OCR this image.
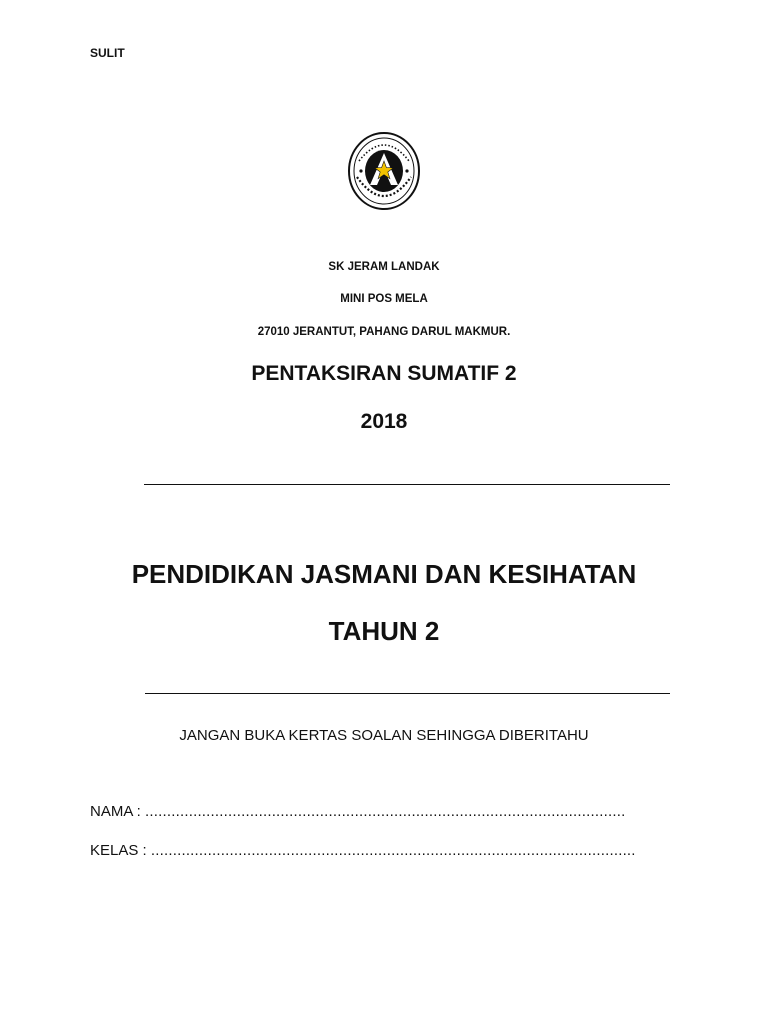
SULIT
SK JERAM LANDAK
MINI POS MELA
27010 JERANTUT, PAHANG DARUL MAKMUR.
PENTAKSIRAN SUMATIF 2
2018
PENDIDIKAN JASMANI DAN KESIHATAN
TAHUN 2
JANGAN BUKA KERTAS SOALAN SEHINGGA DIBERITAHU
NAMA : ..............................................................................................................
KELAS : ...............................................................................................................
